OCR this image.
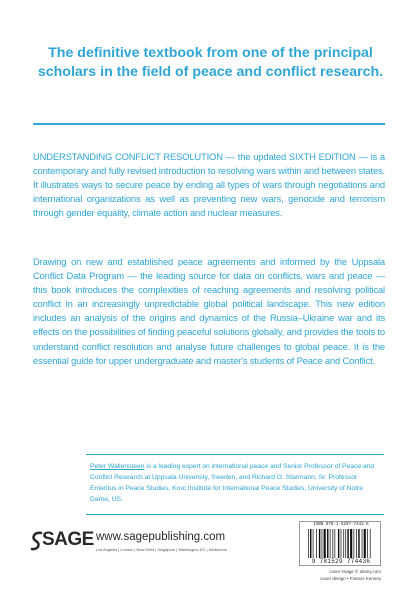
The definitive textbook from one of the principal scholars in the field of peace and conflict research.

UNDERSTANDING CONFLICT RESOLUTION — the updated SIXTH EDITION — is a contemporary and fully revised introduction to resolving wars within and between states. It illustrates ways to secure peace by ending all types of wars through negotiations and international organizations as well as preventing new wars, genocide and terrorism through gender equality, climate action and nuclear measures.

Drawing on new and established peace agreements and informed by the Uppsala Conflict Data Program — the leading source for data on conflicts, wars and peace — this book introduces the complexities of reaching agreements and resolving political conflict in an increasingly unpredictable global political landscape. This new edition includes an analysis of the origins and dynamics of the Russia–Ukraine war and its effects on the possibilities of finding peaceful solutions globally, and provides the tools to understand conflict resolution and analyse future challenges to global peace. It is the essential guide for upper undergraduate and master's students of Peace and Conflict.

Peter Wallensteen is a leading expert on international peace and Senior Professor of Peace and Conflict Research at Uppsala University, Sweden, and Richard G. Starmann, Sr. Professor Emeritus in Peace Studies, Kroc Institute for International Peace Studies, University of Notre Dame, US.

SAGE www.sagepublishing.com
Los Angeles | London | New Delhi | Singapore | Washington DC | Melbourne
ISBN 978-1-5297-7443-6
9 781529 774436
cover image © alamy.com
cover design • Francis Kenney
